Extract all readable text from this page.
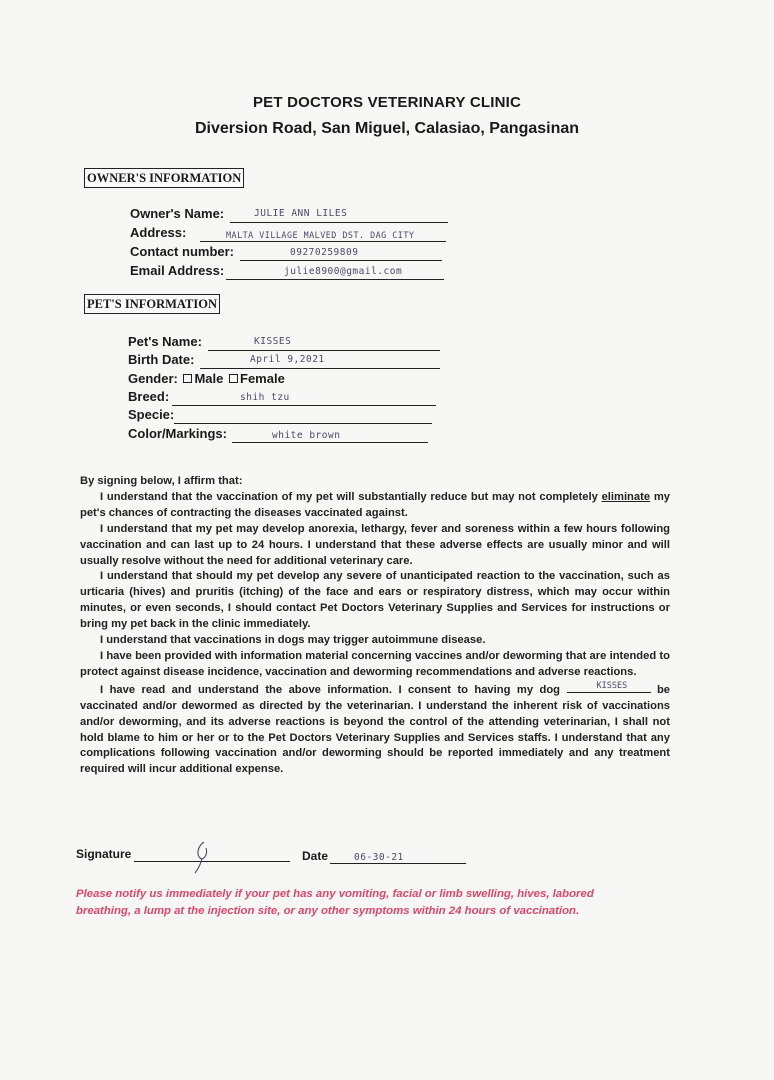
PET DOCTORS VETERINARY CLINIC
Diversion Road, San Miguel, Calasiao, Pangasinan
OWNER'S INFORMATION
Owner's Name:	JULIE ANN LILES
Address:	MALTA VILLAGE MALVED DST. DAG CITY
Contact number:	09270259809
Email Address:	julie8900@gmail.com
PET'S INFORMATION
Pet's Name:	KISSES
Birth Date:	April 9,2021
Gender: Male Female
Breed:	shih tzu
Specie:
Color/Markings:	white brown

By signing below, I affirm that:

I understand that the vaccination of my pet will substantially reduce but may not completely eliminate my pet's chances of contracting the diseases vaccinated against.

I understand that my pet may develop anorexia, lethargy, fever and soreness within a few hours following vaccination and can last up to 24 hours. I understand that these adverse effects are usually minor and will usually resolve without the need for additional veterinary care.

I understand that should my pet develop any severe of unanticipated reaction to the vaccination, such as urticaria (hives) and pruritis (itching) of the face and ears or respiratory distress, which may occur within minutes, or even seconds, I should contact Pet Doctors Veterinary Supplies and Services for instructions or bring my pet back in the clinic immediately.

I understand that vaccinations in dogs may trigger autoimmune disease.

I have been provided with information material concerning vaccines and/or deworming that are intended to protect against disease incidence, vaccination and deworming recommendations and adverse reactions.

I have read and understand the above information. I consent to having my dog	KISSES	be vaccinated and/or dewormed as directed by the veterinarian. I understand the inherent risk of vaccinations and/or deworming, and its adverse reactions is beyond the control of the attending veterinarian, I shall not hold blame to him or her or to the Pet Doctors Veterinary Supplies and Services staffs. I understand that any complications following vaccination and/or deworming should be reported immediately and any treatment required will incur additional expense.

Signature	Date	06-30-21
Please notify us immediately if your pet has any vomiting, facial or limb swelling, hives, labored breathing, a lump at the injection site, or any other symptoms within 24 hours of vaccination.
